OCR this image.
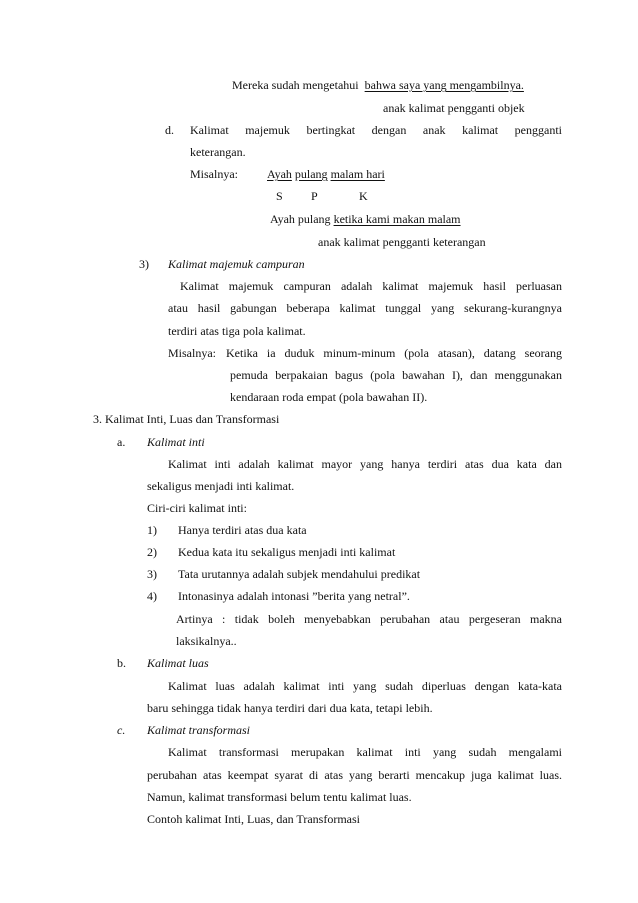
Mereka sudah mengetahui bahwa saya yang mengambilnya.
anak kalimat pengganti objek
d. Kalimat majemuk bertingkat dengan anak kalimat pengganti
keterangan.
Misalnya: Ayah pulang malam hari
S P	K
Ayah pulang ketika kami makan malam
anak kalimat pengganti keterangan
3) Kalimat majemuk campuran
Kalimat majemuk campuran adalah kalimat majemuk hasil perluasan
atau hasil gabungan beberapa kalimat tunggal yang sekurang-kurangnya
terdiri atas tiga pola kalimat.
Misalnya: Ketika ia duduk minum-minum (pola atasan), datang seorang
pemuda berpakaian bagus (pola bawahan I), dan menggunakan
kendaraan roda empat (pola bawahan II).
3. Kalimat Inti, Luas dan Transformasi
a. Kalimat inti
Kalimat inti adalah kalimat mayor yang hanya terdiri atas dua kata dan
sekaligus menjadi inti kalimat.
Ciri-ciri kalimat inti:
1) Hanya terdiri atas dua kata
2) Kedua kata itu sekaligus menjadi inti kalimat
3) Tata urutannya adalah subjek mendahului predikat
4) Intonasinya adalah intonasi ”berita yang netral”.
Artinya : tidak boleh menyebabkan perubahan atau pergeseran makna
laksikalnya..
b. Kalimat luas
Kalimat luas adalah kalimat inti yang sudah diperluas dengan kata-kata
baru sehingga tidak hanya terdiri dari dua kata, tetapi lebih.
c. Kalimat transformasi
Kalimat transformasi merupakan kalimat inti yang sudah mengalami
perubahan atas keempat syarat di atas yang berarti mencakup juga kalimat luas.
Namun, kalimat transformasi belum tentu kalimat luas.
Contoh kalimat Inti, Luas, dan Transformasi
